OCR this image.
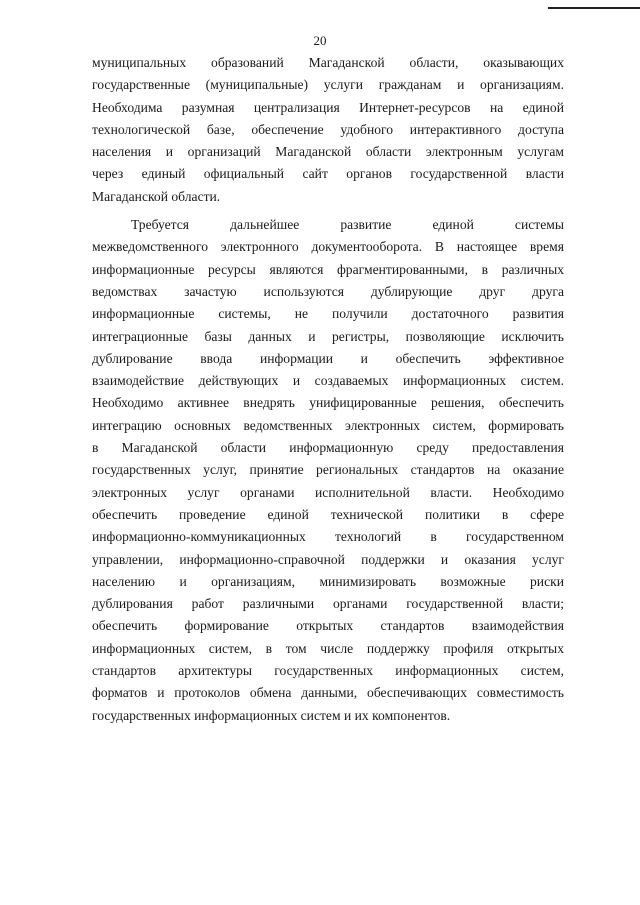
20
муниципальных образований Магаданской области, оказывающих
государственные (муниципальные) услуги гражданам и организациям.
Необходима разумная централизация Интернет-ресурсов на единой
технологической базе, обеспечение удобного интерактивного доступа
населения и организаций Магаданской области электронным услугам
через единый официальный сайт органов государственной власти
Магаданской области.
Требуется дальнейшее развитие единой системы
межведомственного электронного документооборота. В настоящее время
информационные ресурсы являются фрагментированными, в различных
ведомствах зачастую используются дублирующие друг друга
информационные системы, не получили достаточного развития
интеграционные базы данных и регистры, позволяющие исключить
дублирование ввода информации и обеспечить эффективное
взаимодействие действующих и создаваемых информационных систем.
Необходимо активнее внедрять унифицированные решения, обеспечить
интеграцию основных ведомственных электронных систем, формировать
в Магаданской области информационную среду предоставления
государственных услуг, принятие региональных стандартов на оказание
электронных услуг органами исполнительной власти. Необходимо
обеспечить проведение единой технической политики в сфере
информационно-коммуникационных технологий в государственном
управлении, информационно-справочной поддержки и оказания услуг
населению и организациям, минимизировать возможные риски
дублирования работ различными органами государственной власти;
обеспечить формирование открытых стандартов взаимодействия
информационных систем, в том числе поддержку профиля открытых
стандартов архитектуры государственных информационных систем,
форматов и протоколов обмена данными, обеспечивающих совместимость
государственных информационных систем и их компонентов.
